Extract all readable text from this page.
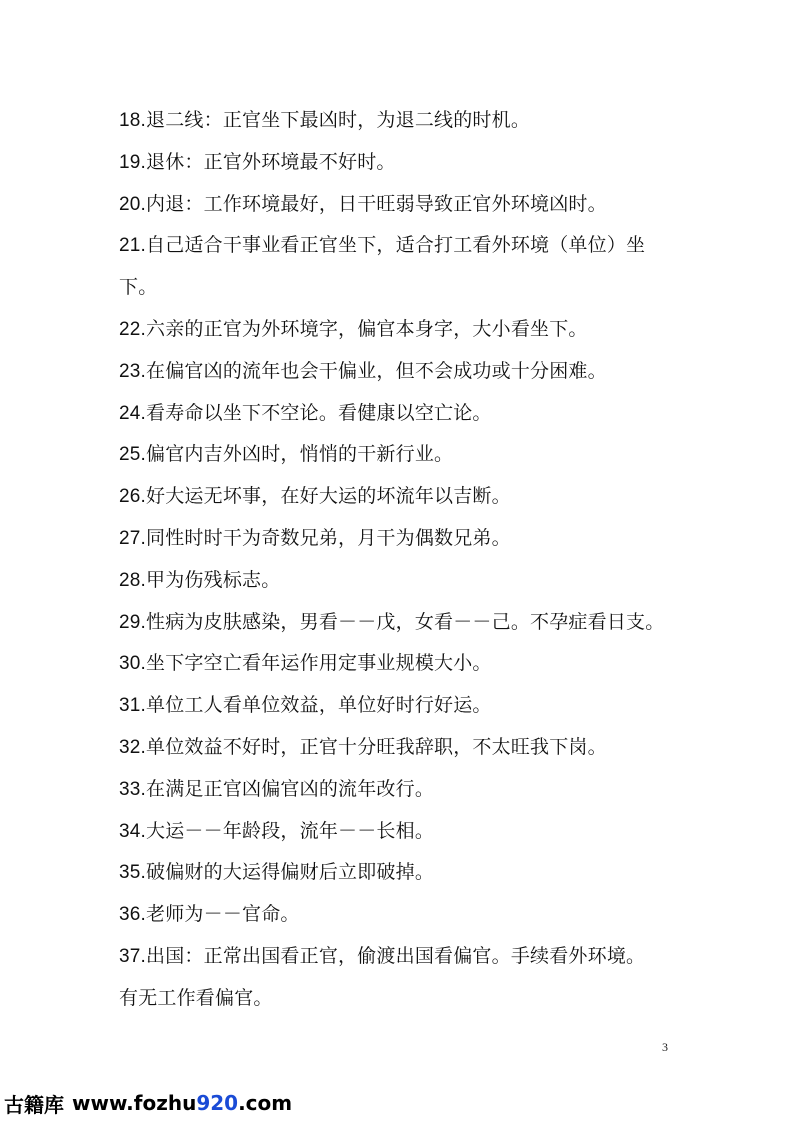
18.退二线：正官坐下最凶时，为退二线的时机。
19.退休：正官外环境最不好时。
20.内退：工作环境最好，日干旺弱导致正官外环境凶时。
21.自己适合干事业看正官坐下，适合打工看外环境（单位）坐
下。
22.六亲的正官为外环境字，偏官本身字，大小看坐下。
23.在偏官凶的流年也会干偏业，但不会成功或十分困难。
24.看寿命以坐下不空论。看健康以空亡论。
25.偏官内吉外凶时，悄悄的干新行业。
26.好大运无坏事，在好大运的坏流年以吉断。
27.同性时时干为奇数兄弟，月干为偶数兄弟。
28.甲为伤残标志。
29.性病为皮肤感染，男看－－戊，女看－－己。不孕症看日支。
30.坐下字空亡看年运作用定事业规模大小。
31.单位工人看单位效益，单位好时行好运。
32.单位效益不好时，正官十分旺我辞职，不太旺我下岗。
33.在满足正官凶偏官凶的流年改行。
34.大运－－年龄段，流年－－长相。
35.破偏财的大运得偏财后立即破掉。
36.老师为－－官命。
37.出国：正常出国看正官，偷渡出国看偏官。手续看外环境。
有无工作看偏官。
3
古籍库 www.fozhu 920 .com
